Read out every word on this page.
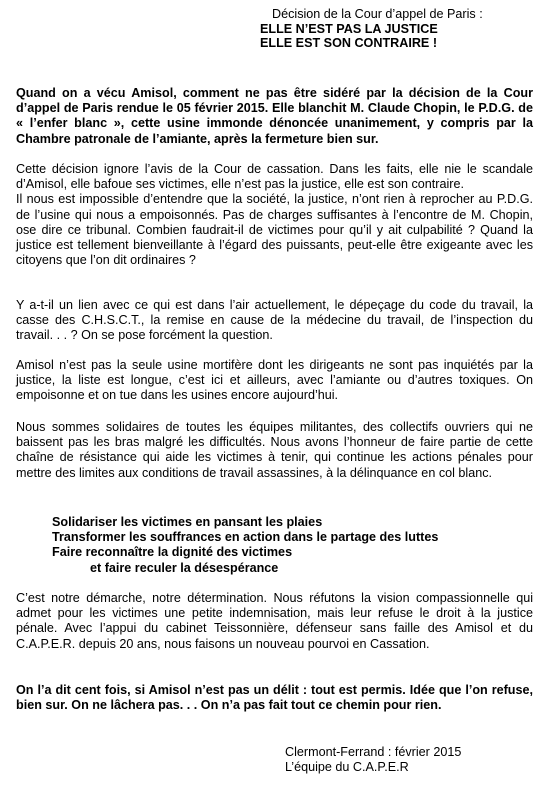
Décision de la Cour d’appel de Paris :

ELLE N’EST PAS LA JUSTICE

ELLE EST SON CONTRAIRE !

Quand on a vécu Amisol, comment ne pas être sidéré par la décision de la Cour d’appel de Paris rendue le 05 février 2015. Elle blanchit M. Claude Chopin, le P.D.G. de « l’enfer blanc », cette usine immonde dénoncée unanimement, y compris par la Chambre patronale de l’amiante, après la fermeture bien sur.

Cette décision ignore l’avis de la Cour de cassation. Dans les faits, elle nie le scandale d’Amisol, elle bafoue ses victimes, elle n’est pas la justice, elle est son contraire.

Il nous est impossible d’entendre que la société, la justice, n’ont rien à reprocher au P.D.G. de l’usine qui nous a empoisonnés. Pas de charges suffisantes à l’encontre de M. Chopin, ose dire ce tribunal. Combien faudrait-il de victimes pour qu’il y ait culpabilité ? Quand la justice est tellement bienveillante à l’égard des puissants, peut-elle être exigeante avec les citoyens que l’on dit ordinaires ?

Y a-t-il un lien avec ce qui est dans l’air actuellement, le dépeçage du code du travail, la casse des C.H.S.C.T., la remise en cause de la médecine du travail, de l’inspection du travail. . . ? On se pose forcément la question.

Amisol n’est pas la seule usine mortifère dont les dirigeants ne sont pas inquiétés par la justice, la liste est longue, c’est ici et ailleurs, avec l’amiante ou d’autres toxiques. On empoisonne et on tue dans les usines encore aujourd’hui.

Nous sommes solidaires de toutes les équipes militantes, des collectifs ouvriers qui ne baissent pas les bras malgré les difficultés. Nous avons l’honneur de faire partie de cette chaîne de résistance qui aide les victimes à tenir, qui continue les actions pénales pour mettre des limites aux conditions de travail assassines, à la délinquance en col blanc.

Solidariser les victimes en pansant les plaies

Transformer les souffrances en action dans le partage des luttes

Faire reconnaître la dignité des victimes

et faire reculer la désespérance

C’est notre démarche, notre détermination. Nous réfutons la vision compassionnelle qui admet pour les victimes une petite indemnisation, mais leur refuse le droit à la justice pénale. Avec l’appui du cabinet Teissonnière, défenseur sans faille des Amisol et du C.A.P.E.R. depuis 20 ans, nous faisons un nouveau pourvoi en Cassation.

On l’a dit cent fois, si Amisol n’est pas un délit : tout est permis. Idée que l’on refuse, bien sur. On ne lâchera pas. . . On n’a pas fait tout ce chemin pour rien.

Clermont-Ferrand : février 2015

L’équipe du C.A.P.E.R
